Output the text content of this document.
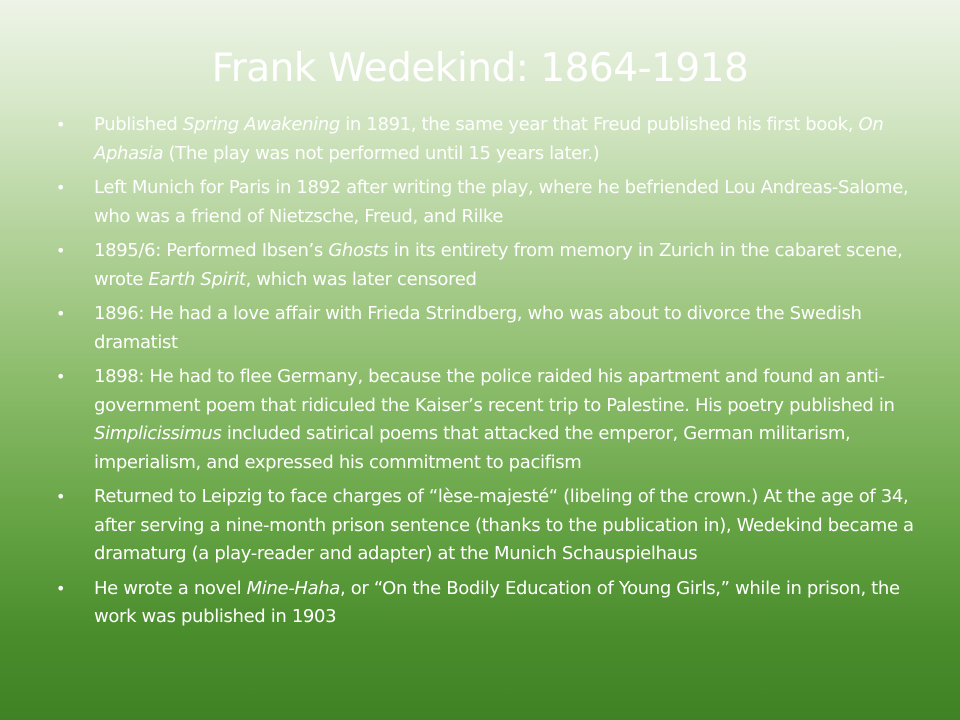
Frank Wedekind: 1864-1918
• Published Spring Awakening in 1891, the same year that Freud published his first book, On Aphasia (The play was not performed until 15 years later.)
• Left Munich for Paris in 1892 after writing the play, where he befriended Lou Andreas-Salome, who was a friend of Nietzsche, Freud, and Rilke
• 1895/6: Performed Ibsen’s Ghosts in its entirety from memory in Zurich in the cabaret scene, wrote Earth Spirit, which was later censored
• 1896: He had a love affair with Frieda Strindberg, who was about to divorce the Swedish dramatist
• 1898: He had to flee Germany, because the police raided his apartment and found an anti-government poem that ridiculed the Kaiser’s recent trip to Palestine. His poetry published in Simplicissimus included satirical poems that attacked the emperor, German militarism, imperialism, and expressed his commitment to pacifism
• Returned to Leipzig to face charges of “lèse-majesté“ (libeling of the crown.) At the age of 34, after serving a nine-month prison sentence (thanks to the publication in), Wedekind became a dramaturg (a play-reader and adapter) at the Munich Schauspielhaus
• He wrote a novel Mine-Haha, or “On the Bodily Education of Young Girls,” while in prison, the work was published in 1903
